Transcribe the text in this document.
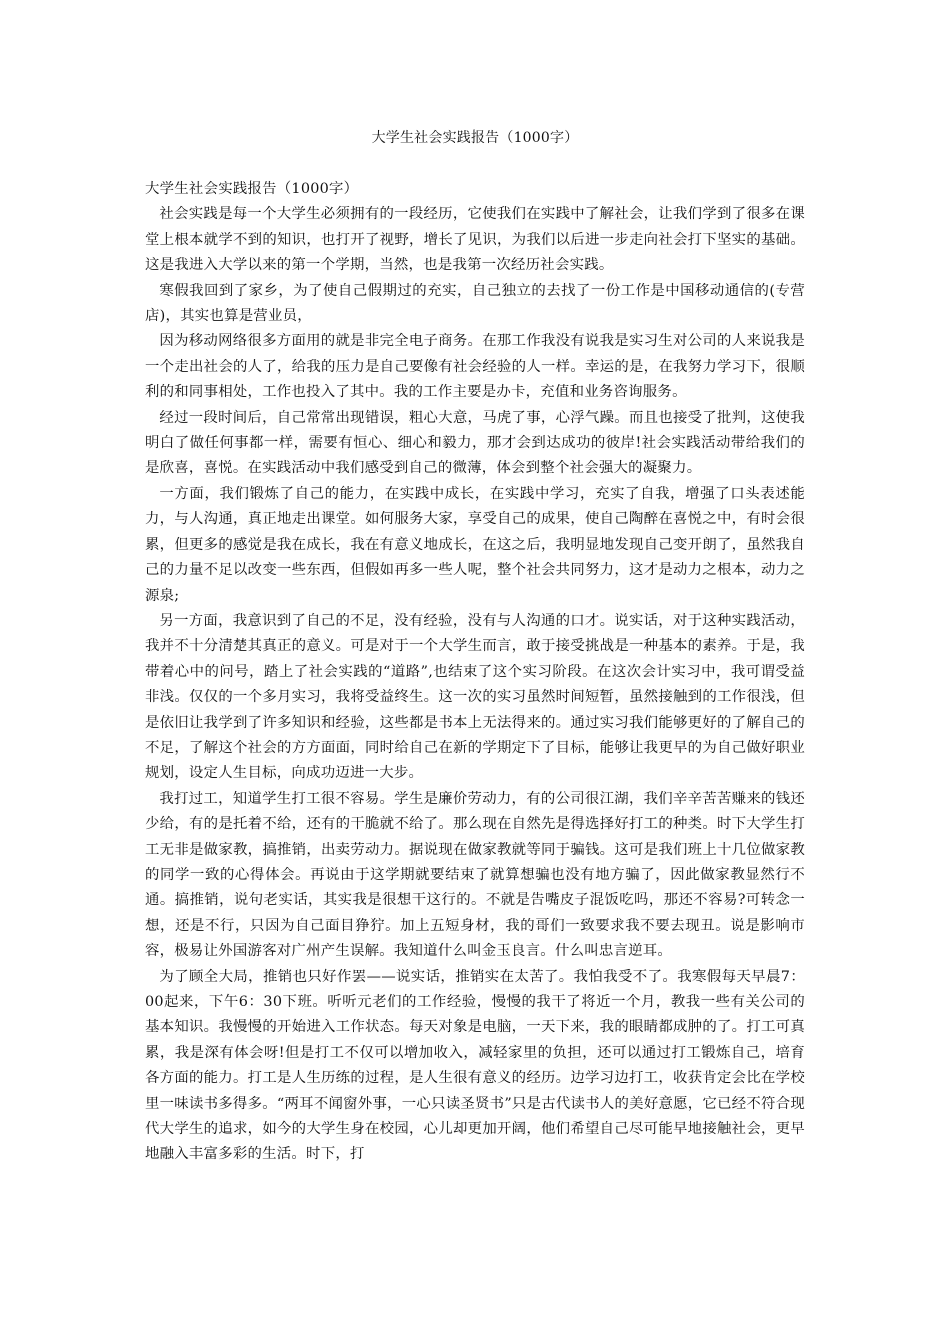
大学生社会实践报告（1000字）
大学生社会实践报告（1000字）

社会实践是每一个大学生必须拥有的一段经历，它使我们在实践中了解社会，让我们学到了很多在课堂上根本就学不到的知识，也打开了视野，增长了见识，为我们以后进一步走向社会打下坚实的基础。这是我进入大学以来的第一个学期，当然，也是我第一次经历社会实践。

寒假我回到了家乡，为了使自己假期过的充实，自己独立的去找了一份工作是中国移动通信的(专营店)，其实也算是营业员，

因为移动网络很多方面用的就是非完全电子商务。在那工作我没有说我是实习生对公司的人来说我是一个走出社会的人了，给我的压力是自己要像有社会经验的人一样。幸运的是，在我努力学习下，很顺利的和同事相处，工作也投入了其中。我的工作主要是办卡，充值和业务咨询服务。

经过一段时间后，自己常常出现错误，粗心大意，马虎了事，心浮气躁。而且也接受了批判，这使我明白了做任何事都一样，需要有恒心、细心和毅力，那才会到达成功的彼岸!社会实践活动带给我们的是欣喜，喜悦。在实践活动中我们感受到自己的微薄，体会到整个社会强大的凝聚力。

一方面，我们锻炼了自己的能力，在实践中成长，在实践中学习，充实了自我，增强了口头表述能力，与人沟通，真正地走出课堂。如何服务大家，享受自己的成果，使自己陶醉在喜悦之中，有时会很累，但更多的感觉是我在成长，我在有意义地成长，在这之后，我明显地发现自己变开朗了，虽然我自己的力量不足以改变一些东西，但假如再多一些人呢，整个社会共同努力，这才是动力之根本，动力之源泉;

另一方面，我意识到了自己的不足，没有经验，没有与人沟通的口才。说实话，对于这种实践活动，我并不十分清楚其真正的意义。可是对于一个大学生而言，敢于接受挑战是一种基本的素养。于是，我带着心中的问号，踏上了社会实践的“道路”,也结束了这个实习阶段。在这次会计实习中，我可谓受益非浅。仅仅的一个多月实习，我将受益终生。这一次的实习虽然时间短暂，虽然接触到的工作很浅，但是依旧让我学到了许多知识和经验，这些都是书本上无法得来的。通过实习我们能够更好的了解自己的不足，了解这个社会的方方面面，同时给自己在新的学期定下了目标，能够让我更早的为自己做好职业规划，设定人生目标，向成功迈进一大步。

我打过工，知道学生打工很不容易。学生是廉价劳动力，有的公司很江湖，我们辛辛苦苦赚来的钱还少给，有的是托着不给，还有的干脆就不给了。那么现在自然先是得选择好打工的种类。时下大学生打工无非是做家教，搞推销，出卖劳动力。据说现在做家教就等同于骗钱。这可是我们班上十几位做家教的同学一致的心得体会。再说由于这学期就要结束了就算想骗也没有地方骗了，因此做家教显然行不通。搞推销，说句老实话，其实我是很想干这行的。不就是告嘴皮子混饭吃吗，那还不容易?可转念一想，还是不行，只因为自己面目狰狞。加上五短身材，我的哥们一致要求我不要去现丑。说是影响市容，极易让外国游客对广州产生误解。我知道什么叫金玉良言。什么叫忠言逆耳。

为了顾全大局，推销也只好作罢——说实话，推销实在太苦了。我怕我受不了。我寒假每天早晨7：00起来，下午6：30下班。听听元老们的工作经验，慢慢的我干了将近一个月，教我一些有关公司的基本知识。我慢慢的开始进入工作状态。每天对象是电脑，一天下来，我的眼睛都成肿的了。打工可真累，我是深有体会呀!但是打工不仅可以增加收入，减轻家里的负担，还可以通过打工锻炼自己，培育各方面的能力。打工是人生历练的过程，是人生很有意义的经历。边学习边打工，收获肯定会比在学校里一味读书多得多。“两耳不闻窗外事，一心只读圣贤书”只是古代读书人的美好意愿，它已经不符合现代大学生的追求，如今的大学生身在校园，心儿却更加开阔，他们希望自己尽可能早地接触社会，更早地融入丰富多彩的生活。时下，打
